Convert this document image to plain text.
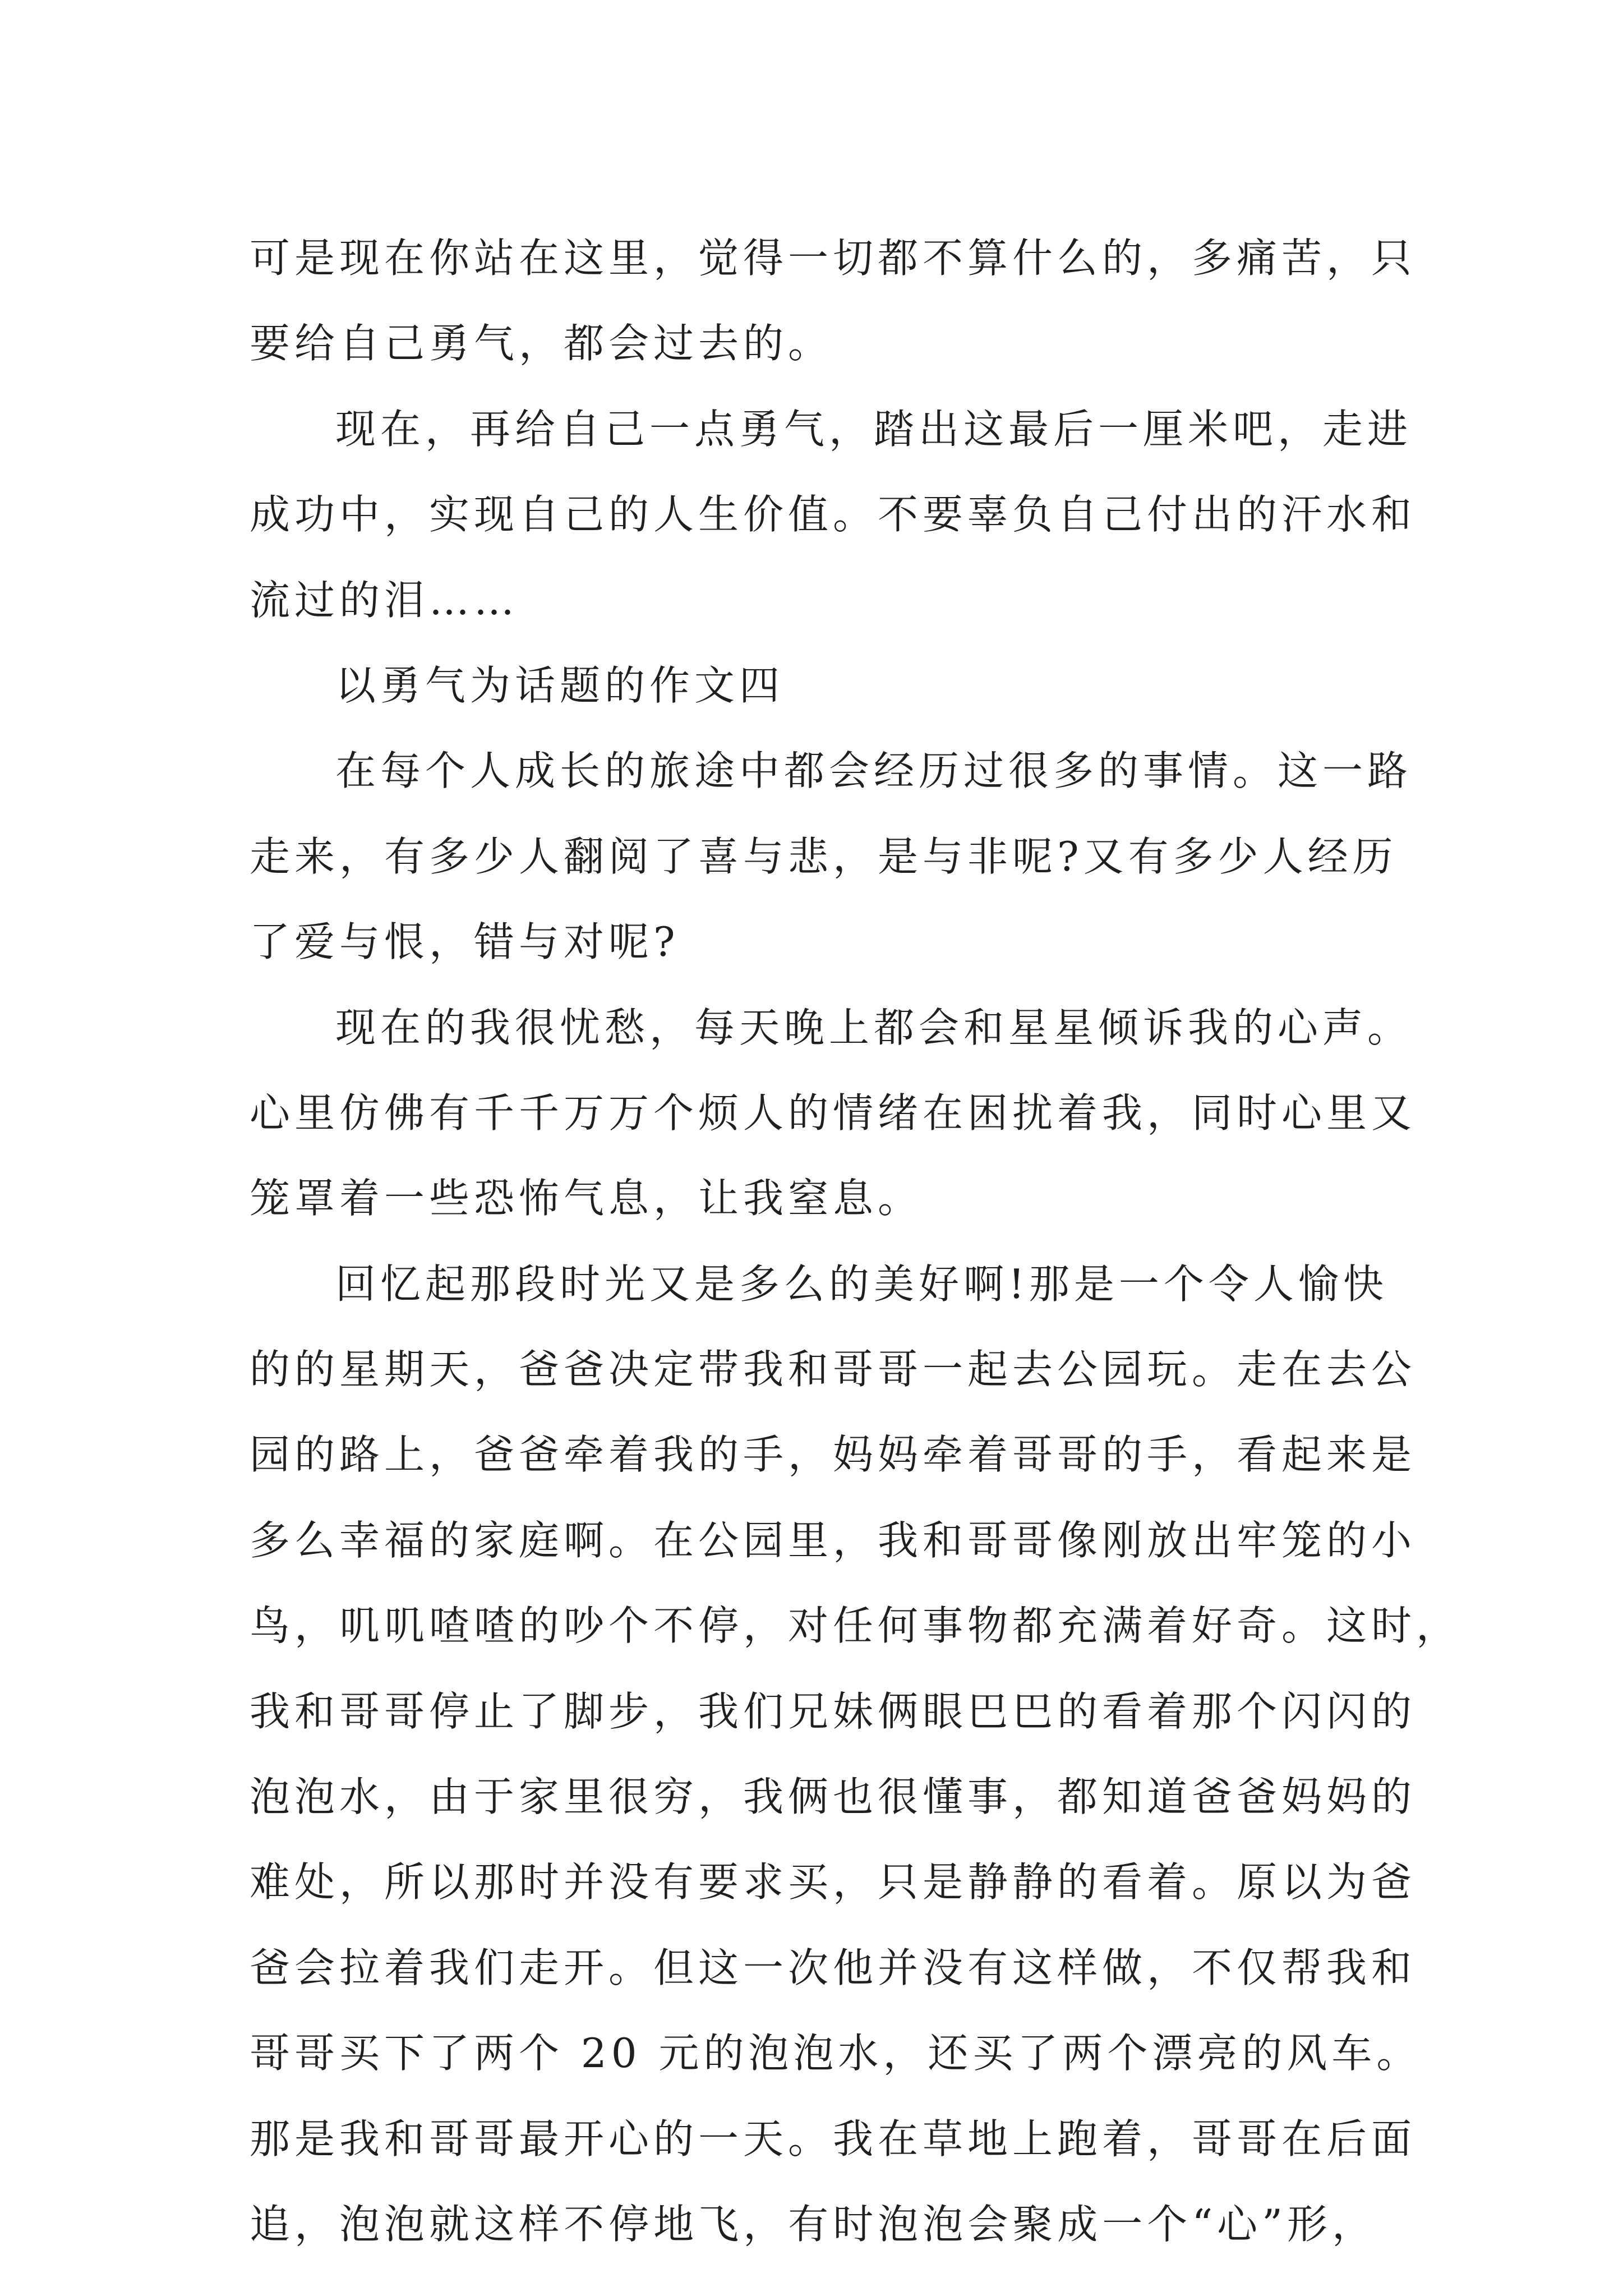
可是现在你站在这里，觉得一切都不算什么的，多痛苦，只
要给自己勇气，都会过去的。
现在，再给自己一点勇气，踏出这最后一厘米吧，走进
成功中，实现自己的人生价值。不要辜负自己付出的汗水和
流过的泪……
以勇气为话题的作文四
在每个人成长的旅途中都会经历过很多的事情。这一路
走来，有多少人翻阅了喜与悲，是与非呢?又有多少人经历
了爱与恨，错与对呢?
现在的我很忧愁，每天晚上都会和星星倾诉我的心声。
心里仿佛有千千万万个烦人的情绪在困扰着我，同时心里又
笼罩着一些恐怖气息，让我窒息。
回忆起那段时光又是多么的美好啊!那是一个令人愉快
的的星期天，爸爸决定带我和哥哥一起去公园玩。走在去公
园的路上，爸爸牵着我的手，妈妈牵着哥哥的手，看起来是
多么幸福的家庭啊。在公园里，我和哥哥像刚放出牢笼的小
鸟，叽叽喳喳的吵个不停，对任何事物都充满着好奇。这时，
我和哥哥停止了脚步，我们兄妹俩眼巴巴的看着那个闪闪的
泡泡水，由于家里很穷，我俩也很懂事，都知道爸爸妈妈的
难处，所以那时并没有要求买，只是静静的看着。原以为爸
爸会拉着我们走开。但这一次他并没有这样做，不仅帮我和
哥哥买下了两个 20 元的泡泡水，还买了两个漂亮的风车。
那是我和哥哥最开心的一天。我在草地上跑着，哥哥在后面
追，泡泡就这样不停地飞，有时泡泡会聚成一个“心”形，
